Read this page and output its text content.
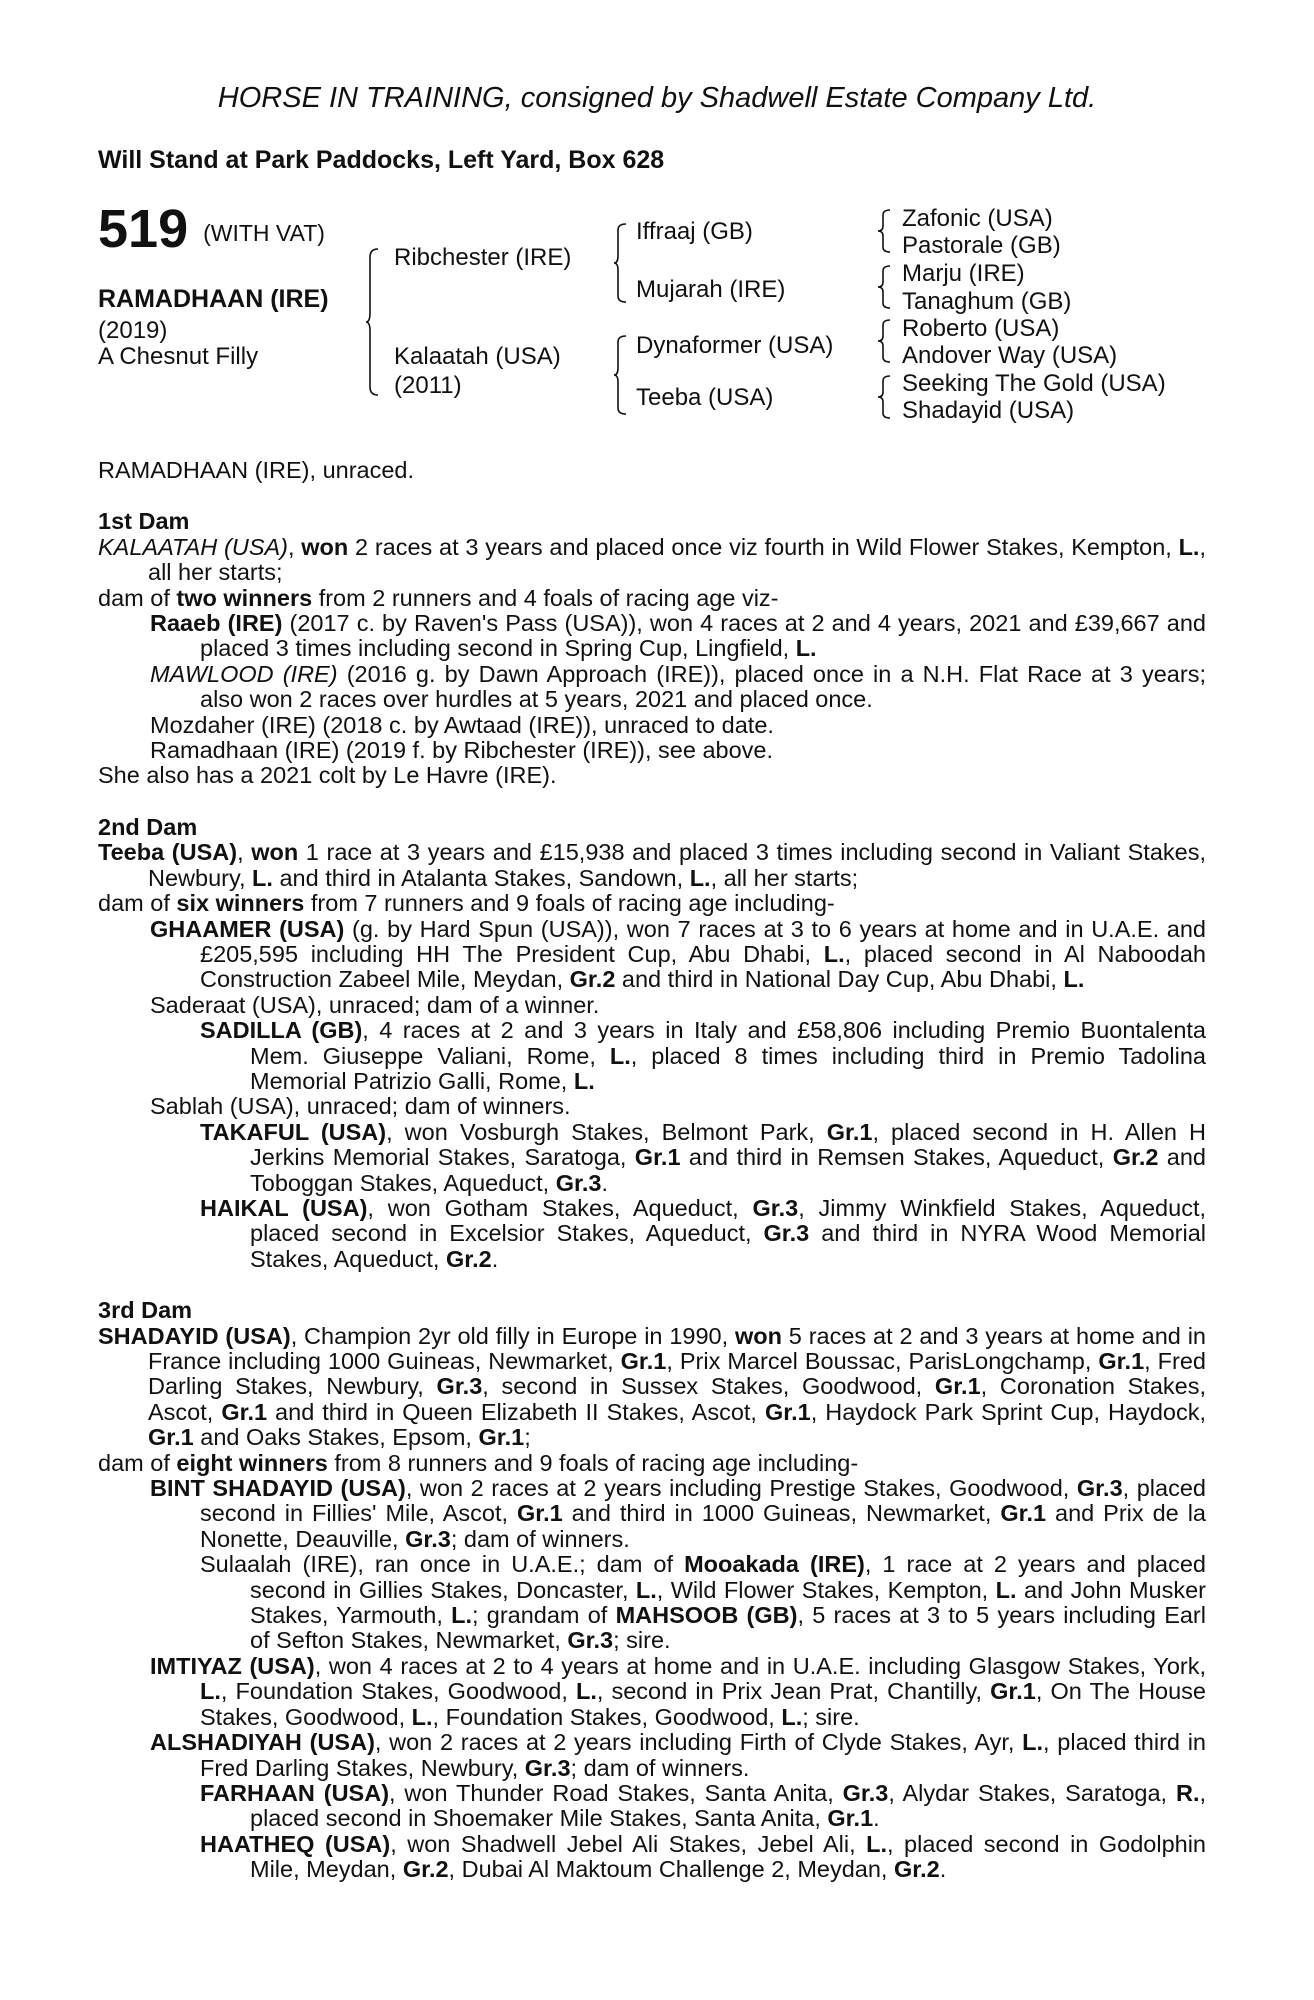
HORSE IN TRAINING, consigned by Shadwell Estate Company Ltd.
Will Stand at Park Paddocks, Left Yard, Box 628
519 (WITH VAT)
RAMADHAAN (IRE)
(2019)
A Chesnut Filly
Ribchester (IRE)
Kalaatah (USA)
(2011)
Iffraaj (GB)
Mujarah (IRE)
Dynaformer (USA)
Teeba (USA)
Zafonic (USA)
Pastorale (GB)
Marju (IRE)
Tanaghum (GB)
Roberto (USA)
Andover Way (USA)
Seeking The Gold (USA)
Shadayid (USA)

RAMADHAAN (IRE), unraced.

1st Dam

KALAATAH (USA), won 2 races at 3 years and placed once viz fourth in Wild Flower Stakes, Kempton, L., all her starts;

dam of two winners from 2 runners and 4 foals of racing age viz-

Raaeb (IRE) (2017 c. by Raven's Pass (USA)), won 4 races at 2 and 4 years, 2021 and £39,667 and placed 3 times including second in Spring Cup, Lingfield, L.

MAWLOOD (IRE) (2016 g. by Dawn Approach (IRE)), placed once in a N.H. Flat Race at 3 years; also won 2 races over hurdles at 5 years, 2021 and placed once.

Mozdaher (IRE) (2018 c. by Awtaad (IRE)), unraced to date.

Ramadhaan (IRE) (2019 f. by Ribchester (IRE)), see above.

She also has a 2021 colt by Le Havre (IRE).

2nd Dam

Teeba (USA), won 1 race at 3 years and £15,938 and placed 3 times including second in Valiant Stakes, Newbury, L. and third in Atalanta Stakes, Sandown, L., all her starts;

dam of six winners from 7 runners and 9 foals of racing age including-

GHAAMER (USA) (g. by Hard Spun (USA)), won 7 races at 3 to 6 years at home and in U.A.E. and £205,595 including HH The President Cup, Abu Dhabi, L., placed second in Al Naboodah Construction Zabeel Mile, Meydan, Gr.2 and third in National Day Cup, Abu Dhabi, L.

Saderaat (USA), unraced; dam of a winner.

SADILLA (GB), 4 races at 2 and 3 years in Italy and £58,806 including Premio Buontalenta Mem. Giuseppe Valiani, Rome, L., placed 8 times including third in Premio Tadolina Memorial Patrizio Galli, Rome, L.

Sablah (USA), unraced; dam of winners.

TAKAFUL (USA), won Vosburgh Stakes, Belmont Park, Gr.1, placed second in H. Allen H Jerkins Memorial Stakes, Saratoga, Gr.1 and third in Remsen Stakes, Aqueduct, Gr.2 and Toboggan Stakes, Aqueduct, Gr.3.

HAIKAL (USA), won Gotham Stakes, Aqueduct, Gr.3, Jimmy Winkfield Stakes, Aqueduct, placed second in Excelsior Stakes, Aqueduct, Gr.3 and third in NYRA Wood Memorial Stakes, Aqueduct, Gr.2.

3rd Dam

SHADAYID (USA), Champion 2yr old filly in Europe in 1990, won 5 races at 2 and 3 years at home and in France including 1000 Guineas, Newmarket, Gr.1, Prix Marcel Boussac, ParisLongchamp, Gr.1, Fred Darling Stakes, Newbury, Gr.3, second in Sussex Stakes, Goodwood, Gr.1, Coronation Stakes, Ascot, Gr.1 and third in Queen Elizabeth II Stakes, Ascot, Gr.1, Haydock Park Sprint Cup, Haydock, Gr.1 and Oaks Stakes, Epsom, Gr.1;

dam of eight winners from 8 runners and 9 foals of racing age including-

BINT SHADAYID (USA), won 2 races at 2 years including Prestige Stakes, Goodwood, Gr.3, placed second in Fillies' Mile, Ascot, Gr.1 and third in 1000 Guineas, Newmarket, Gr.1 and Prix de la Nonette, Deauville, Gr.3; dam of winners.

Sulaalah (IRE), ran once in U.A.E.; dam of Mooakada (IRE), 1 race at 2 years and placed second in Gillies Stakes, Doncaster, L., Wild Flower Stakes, Kempton, L. and John Musker Stakes, Yarmouth, L.; grandam of MAHSOOB (GB), 5 races at 3 to 5 years including Earl of Sefton Stakes, Newmarket, Gr.3; sire.

IMTIYAZ (USA), won 4 races at 2 to 4 years at home and in U.A.E. including Glasgow Stakes, York, L., Foundation Stakes, Goodwood, L., second in Prix Jean Prat, Chantilly, Gr.1, On The House Stakes, Goodwood, L., Foundation Stakes, Goodwood, L.; sire.

ALSHADIYAH (USA), won 2 races at 2 years including Firth of Clyde Stakes, Ayr, L., placed third in Fred Darling Stakes, Newbury, Gr.3; dam of winners.

FARHAAN (USA), won Thunder Road Stakes, Santa Anita, Gr.3, Alydar Stakes, Saratoga, R., placed second in Shoemaker Mile Stakes, Santa Anita, Gr.1.

HAATHEQ (USA), won Shadwell Jebel Ali Stakes, Jebel Ali, L., placed second in Godolphin Mile, Meydan, Gr.2, Dubai Al Maktoum Challenge 2, Meydan, Gr.2.
